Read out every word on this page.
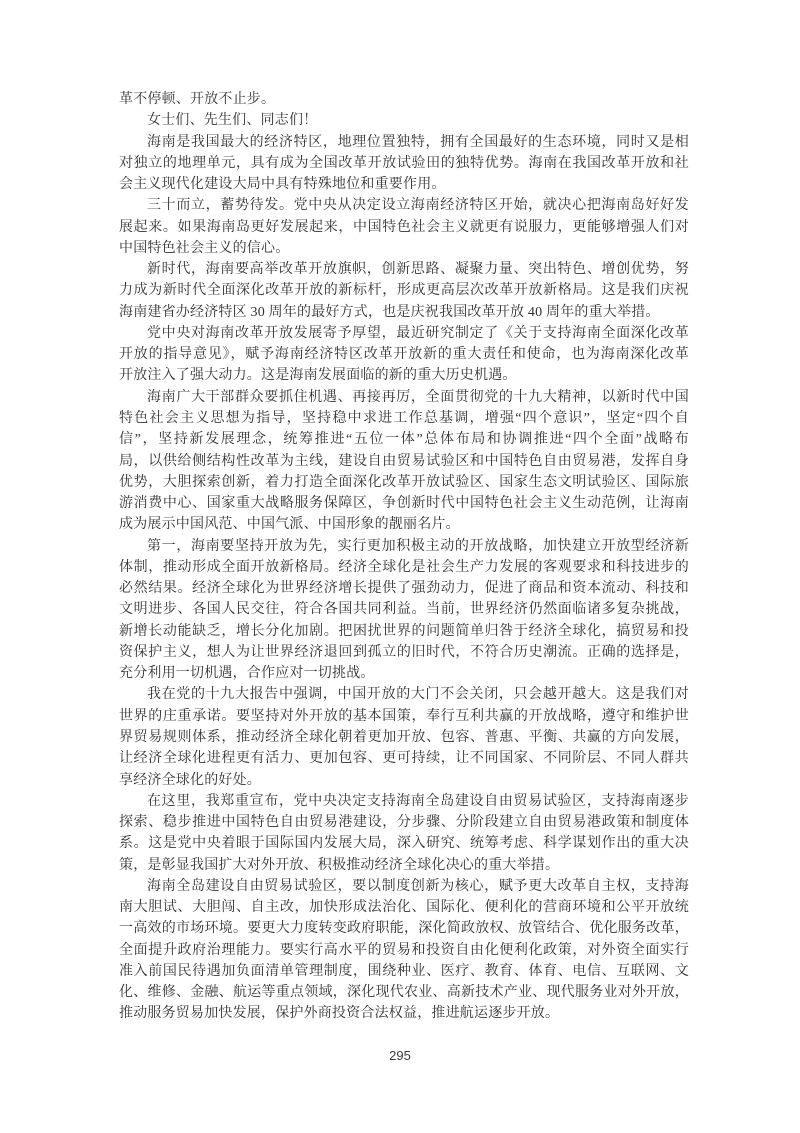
革不停顿、开放不止步。
女士们、先生们、同志们！
海南是我国最大的经济特区，地理位置独特，拥有全国最好的生态环境，同时又是相
对独立的地理单元，具有成为全国改革开放试验田的独特优势。海南在我国改革开放和社
会主义现代化建设大局中具有特殊地位和重要作用。
三十而立，蓄势待发。党中央从决定设立海南经济特区开始，就决心把海南岛好好发
展起来。如果海南岛更好发展起来，中国特色社会主义就更有说服力，更能够增强人们对
中国特色社会主义的信心。
新时代，海南要高举改革开放旗帜，创新思路、凝聚力量、突出特色、增创优势，努
力成为新时代全面深化改革开放的新标杆，形成更高层次改革开放新格局。这是我们庆祝
海南建省办经济特区 30 周年的最好方式，也是庆祝我国改革开放 40 周年的重大举措。
党中央对海南改革开放发展寄予厚望，最近研究制定了《关于支持海南全面深化改革
开放的指导意见》，赋予海南经济特区改革开放新的重大责任和使命，也为海南深化改革
开放注入了强大动力。这是海南发展面临的新的重大历史机遇。
海南广大干部群众要抓住机遇、再接再厉，全面贯彻党的十九大精神，以新时代中国
特色社会主义思想为指导，坚持稳中求进工作总基调，增强“四个意识”，坚定“四个自
信”，坚持新发展理念，统筹推进“五位一体”总体布局和协调推进“四个全面”战略布
局，以供给侧结构性改革为主线，建设自由贸易试验区和中国特色自由贸易港，发挥自身
优势，大胆探索创新，着力打造全面深化改革开放试验区、国家生态文明试验区、国际旅
游消费中心、国家重大战略服务保障区，争创新时代中国特色社会主义生动范例，让海南
成为展示中国风范、中国气派、中国形象的靓丽名片。
第一，海南要坚持开放为先，实行更加积极主动的开放战略，加快建立开放型经济新
体制，推动形成全面开放新格局。经济全球化是社会生产力发展的客观要求和科技进步的
必然结果。经济全球化为世界经济增长提供了强劲动力，促进了商品和资本流动、科技和
文明进步、各国人民交往，符合各国共同利益。当前，世界经济仍然面临诸多复杂挑战，
新增长动能缺乏，增长分化加剧。把困扰世界的问题简单归咎于经济全球化，搞贸易和投
资保护主义，想人为让世界经济退回到孤立的旧时代，不符合历史潮流。正确的选择是，
充分利用一切机遇，合作应对一切挑战。
我在党的十九大报告中强调，中国开放的大门不会关闭，只会越开越大。这是我们对
世界的庄重承诺。要坚持对外开放的基本国策，奉行互利共赢的开放战略，遵守和维护世
界贸易规则体系，推动经济全球化朝着更加开放、包容、普惠、平衡、共赢的方向发展，
让经济全球化进程更有活力、更加包容、更可持续，让不同国家、不同阶层、不同人群共
享经济全球化的好处。
在这里，我郑重宣布，党中央决定支持海南全岛建设自由贸易试验区，支持海南逐步
探索、稳步推进中国特色自由贸易港建设，分步骤、分阶段建立自由贸易港政策和制度体
系。这是党中央着眼于国际国内发展大局，深入研究、统筹考虑、科学谋划作出的重大决
策，是彰显我国扩大对外开放、积极推动经济全球化决心的重大举措。
海南全岛建设自由贸易试验区，要以制度创新为核心，赋予更大改革自主权，支持海
南大胆试、大胆闯、自主改，加快形成法治化、国际化、便利化的营商环境和公平开放统
一高效的市场环境。要更大力度转变政府职能，深化简政放权、放管结合、优化服务改革，
全面提升政府治理能力。要实行高水平的贸易和投资自由化便利化政策，对外资全面实行
准入前国民待遇加负面清单管理制度，围绕种业、医疗、教育、体育、电信、互联网、文
化、维修、金融、航运等重点领域，深化现代农业、高新技术产业、现代服务业对外开放，
推动服务贸易加快发展，保护外商投资合法权益，推进航运逐步开放。
295
